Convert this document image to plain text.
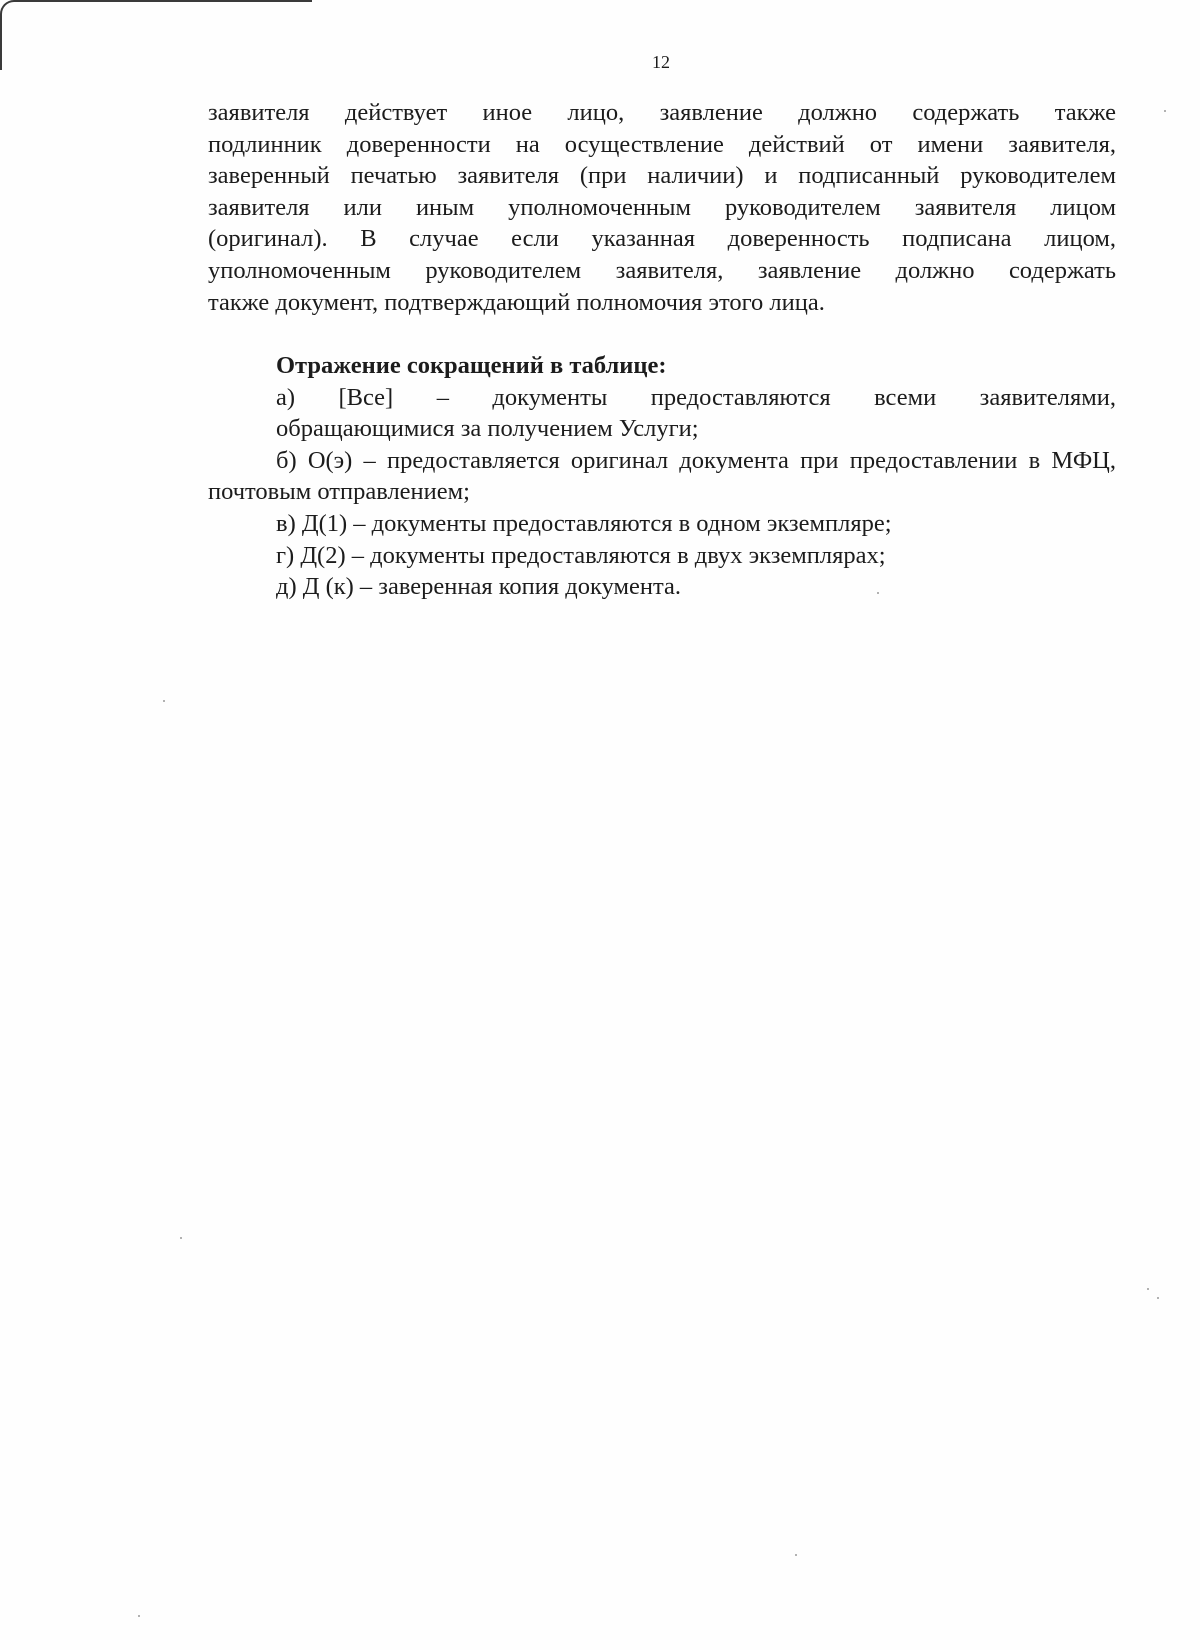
12
заявителя действует иное лицо, заявление должно содержать также
подлинник доверенности на осуществление действий от имени заявителя,
заверенный печатью заявителя (при наличии) и подписанный руководителем
заявителя или иным уполномоченным руководителем заявителя лицом
(оригинал). В случае если указанная доверенность подписана лицом,
уполномоченным руководителем заявителя, заявление должно содержать
также документ, подтверждающий полномочия этого лица.
Отражение сокращений в таблице:
а) [Все] – документы предоставляются всеми заявителями,
обращающимися за получением Услуги;
б) О(э) – предоставляется оригинал документа при предоставлении в МФЦ, почтовым отправлением;
в) Д(1) – документы предоставляются в одном экземпляре;
г) Д(2) – документы предоставляются в двух экземплярах;
д) Д (к) – заверенная копия документа.
